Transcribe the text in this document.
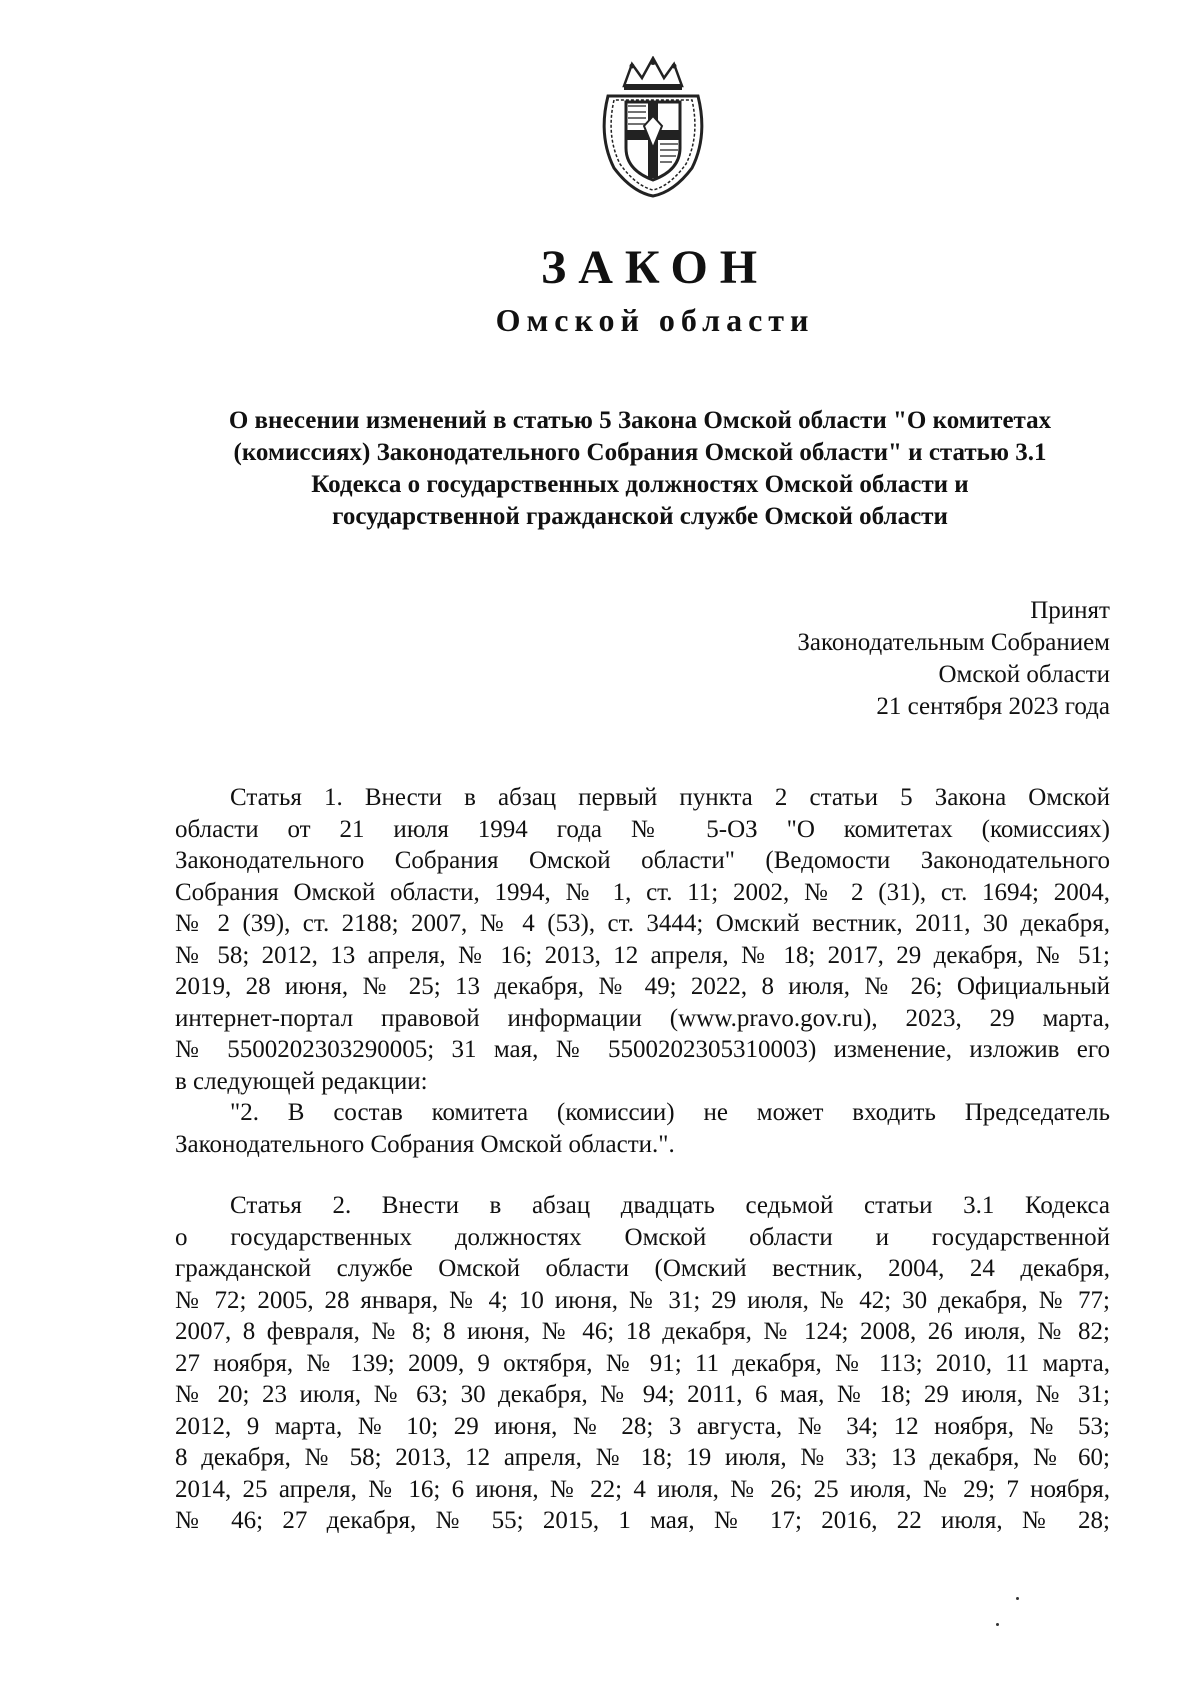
ЗАКОН
Омской области
О внесении изменений в статью 5 Закона Омской области "О комитетах
(комиссиях) Законодательного Собрания Омской области" и статью 3.1
Кодекса о государственных должностях Омской области и
государственной гражданской службе Омской области
Принят
Законодательным Собранием
Омской области
21 сентября 2023 года
Статья 1. Внести в абзац первый пункта 2 статьи 5 Закона Омской
области от 21 июля 1994 года № 5-ОЗ "О комитетах (комиссиях)
Законодательного Собрания Омской области" (Ведомости Законодательного
Собрания Омской области, 1994, № 1, ст. 11; 2002, № 2 (31), ст. 1694; 2004,
№ 2 (39), ст. 2188; 2007, № 4 (53), ст. 3444; Омский вестник, 2011, 30 декабря,
№ 58; 2012, 13 апреля, № 16; 2013, 12 апреля, № 18; 2017, 29 декабря, № 51;
2019, 28 июня, № 25; 13 декабря, № 49; 2022, 8 июля, № 26; Официальный
интернет-портал правовой информации (www.pravo.gov.ru), 2023, 29 марта,
№ 5500202303290005; 31 мая, № 5500202305310003) изменение, изложив его
в следующей редакции:
"2. В состав комитета (комиссии) не может входить Председатель
Законодательного Собрания Омской области.".
Статья 2. Внести в абзац двадцать седьмой статьи 3.1 Кодекса
о государственных должностях Омской области и государственной
гражданской службе Омской области (Омский вестник, 2004, 24 декабря,
№ 72; 2005, 28 января, № 4; 10 июня, № 31; 29 июля, № 42; 30 декабря, № 77;
2007, 8 февраля, № 8; 8 июня, № 46; 18 декабря, № 124; 2008, 26 июля, № 82;
27 ноября, № 139; 2009, 9 октября, № 91; 11 декабря, № 113; 2010, 11 марта,
№ 20; 23 июля, № 63; 30 декабря, № 94; 2011, 6 мая, № 18; 29 июля, № 31;
2012, 9 марта, № 10; 29 июня, № 28; 3 августа, № 34; 12 ноября, № 53;
8 декабря, № 58; 2013, 12 апреля, № 18; 19 июля, № 33; 13 декабря, № 60;
2014, 25 апреля, № 16; 6 июня, № 22; 4 июля, № 26; 25 июля, № 29; 7 ноября,
№ 46; 27 декабря, № 55; 2015, 1 мая, № 17; 2016, 22 июля, № 28;
